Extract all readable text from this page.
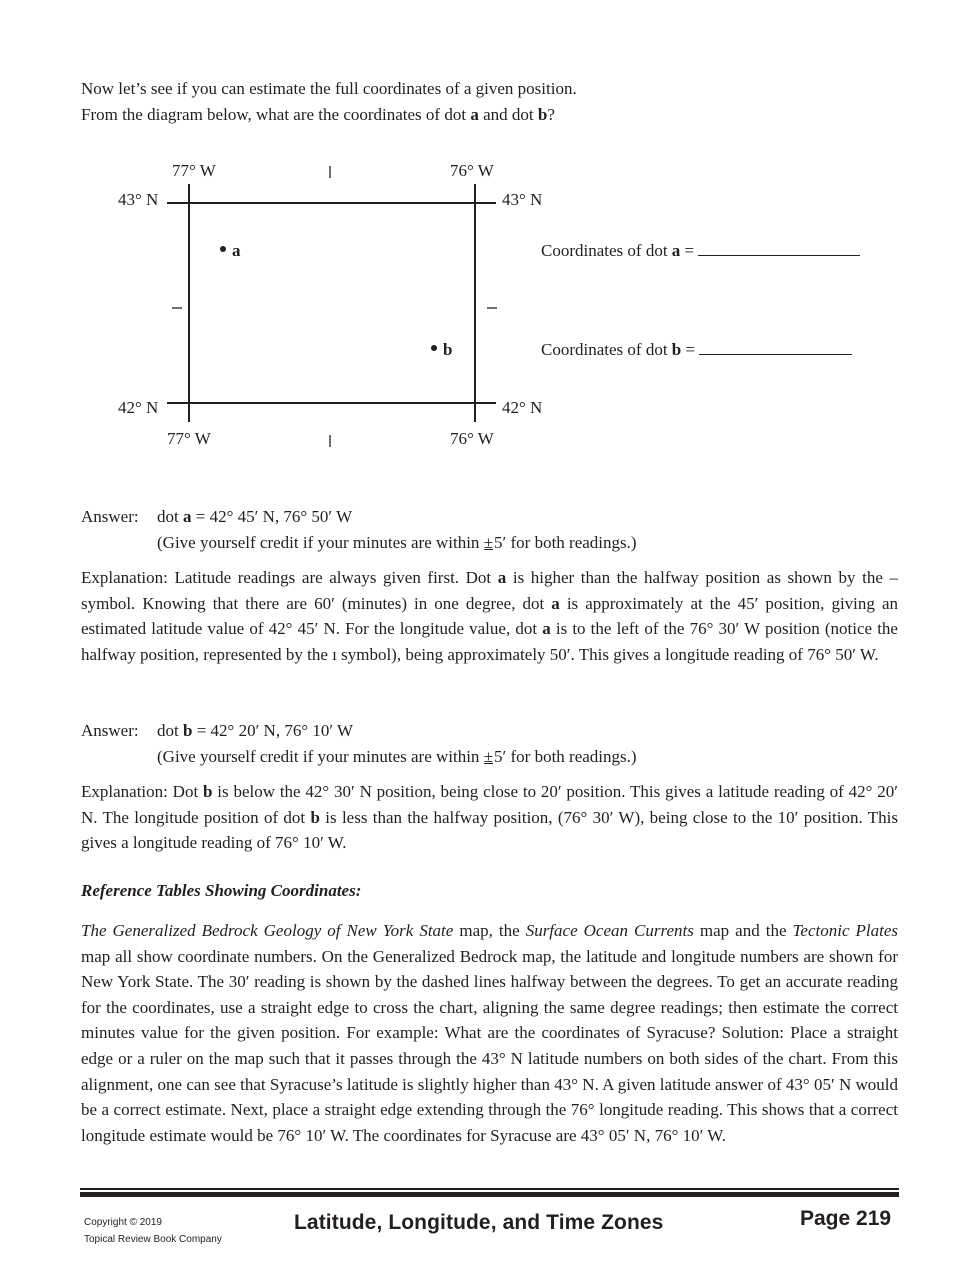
Now let’s see if you can estimate the full coordinates of a given position.
From the diagram below, what are the coordinates of dot a and dot b?
77° W	76° W
43° N	43° N
42° N	42° N
77° W	76° W
a
b
Coordinates of dot a =
Coordinates of dot b =
Answer: dot a = 42° 45′ N, 76° 50′ W
(Give yourself credit if your minutes are within ±5′ for both readings.)
Explanation: Latitude readings are always given first. Dot a is higher than the halfway position as shown by the – symbol. Knowing that there are 60′ (minutes) in one degree, dot a is approximately at the 45′ position, giving an estimated latitude value of 42° 45′ N. For the longitude value, dot a is to the left of the 76° 30′ W position (notice the halfway position, represented by the ı symbol), being approximately 50′. This gives a longitude reading of 76° 50′ W.
Answer: dot b = 42° 20′ N, 76° 10′ W
(Give yourself credit if your minutes are within ±5′ for both readings.)
Explanation: Dot b is below the 42° 30′ N position, being close to 20′ position. This gives a latitude reading of 42° 20′ N. The longitude position of dot b is less than the halfway position, (76° 30′ W), being close to the 10′ position. This gives a longitude reading of 76° 10′ W.
Reference Tables Showing Coordinates:
The Generalized Bedrock Geology of New York State map, the Surface Ocean Currents map and the Tectonic Plates map all show coordinate numbers. On the Generalized Bedrock map, the latitude and longitude numbers are shown for New York State. The 30′ reading is shown by the dashed lines halfway between the degrees. To get an accurate reading for the coordinates, use a straight edge to cross the chart, aligning the same degree readings; then estimate the correct minutes value for the given position. For example: What are the coordinates of Syracuse? Solution: Place a straight edge or a ruler on the map such that it passes through the 43° N latitude numbers on both sides of the chart. From this alignment, one can see that Syracuse’s latitude is slightly higher than 43° N. A given latitude answer of 43° 05′ N would be a correct estimate. Next, place a straight edge extending through the 76° longitude reading. This shows that a correct longitude estimate would be 76° 10′ W. The coordinates for Syracuse are 43° 05′ N, 76° 10′ W.
Copyright © 2019
Topical Review Book Company
Latitude, Longitude, and Time Zones	Page 219
